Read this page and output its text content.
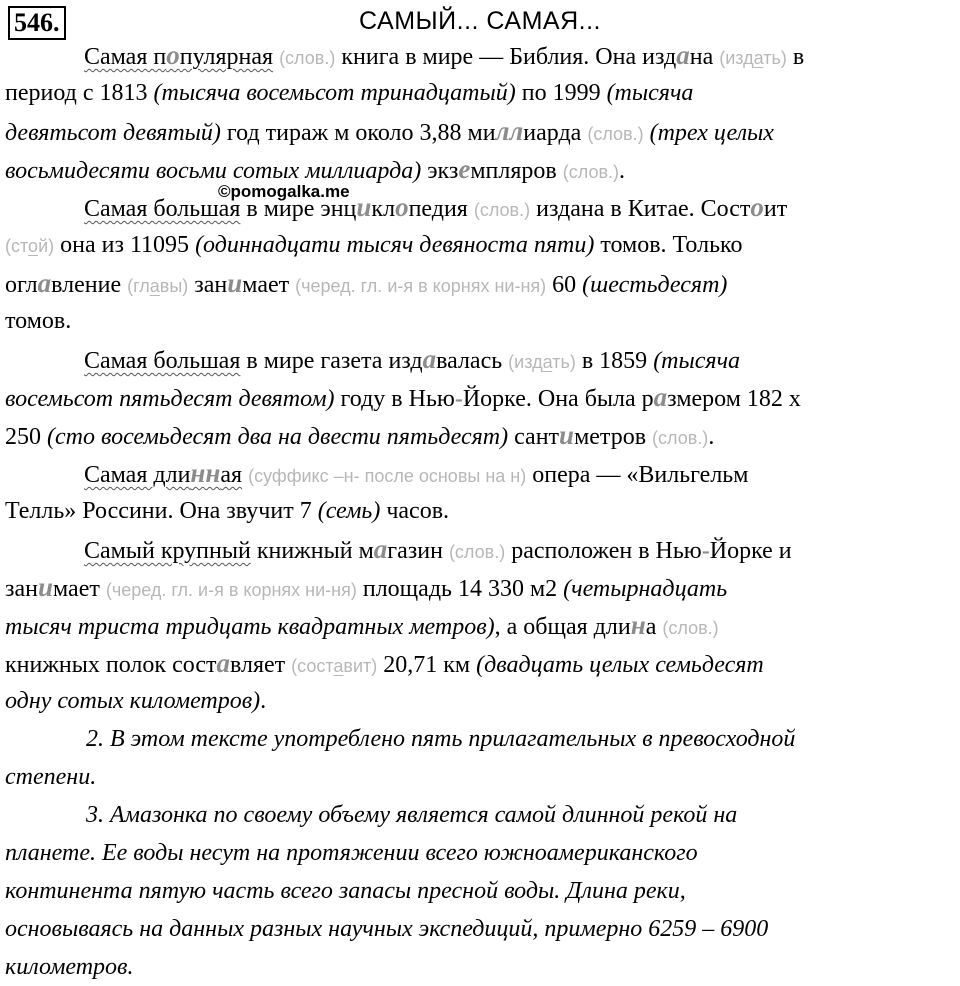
546.	САМЫЙ... САМАЯ...
©pomogalka.me
Самая популярная (слов.) книга в мире — Библия. Она издана (издать) в
период с 1813 (тысяча восемьсот тринадцатый) по 1999 (тысяча
девятьсот девятый) год тираж м около 3,88 миллиарда (слов.) (трех целых
восьмидесяти восьми сотых миллиарда) экземпляров (слов.).
Самая большая в мире энциклопедия (слов.) издана в Китае. Состоит
(стой) она из 11095 (одиннадцати тысяч девяноста пяти) томов. Только
оглавление (главы) занимает (черед. гл. и-я в корнях ни-ня) 60 (шестьдесят)
томов.
Самая большая в мире газета издавалась (издать) в 1859 (тысяча
восемьсот пятьдесят девятом) году в Нью-Йорке. Она была размером 182 х
250 (сто восемьдесят два на двести пятьдесят) сантиметров (слов.).
Самая длинная (суффикс –н- после основы на н) опера — «Вильгельм
Телль» Россини. Она звучит 7 (семь) часов.
Самый крупный книжный магазин (слов.) расположен в Нью-Йорке и
занимает (черед. гл. и-я в корнях ни-ня) площадь 14 330 м2 (четырнадцать
тысяч триста тридцать квадратных метров), а общая длина (слов.)
книжных полок составляет (составит) 20,71 км (двадцать целых семьдесят
одну сотых километров).
2. В этом тексте употреблено пять прилагательных в превосходной
степени.
3. Амазонка по своему объему является самой длинной рекой на
планете. Ее воды несут на протяжении всего южноамериканского
континента пятую часть всего запасы пресной воды. Длина реки,
основываясь на данных разных научных экспедиций, примерно 6259 – 6900
километров.
